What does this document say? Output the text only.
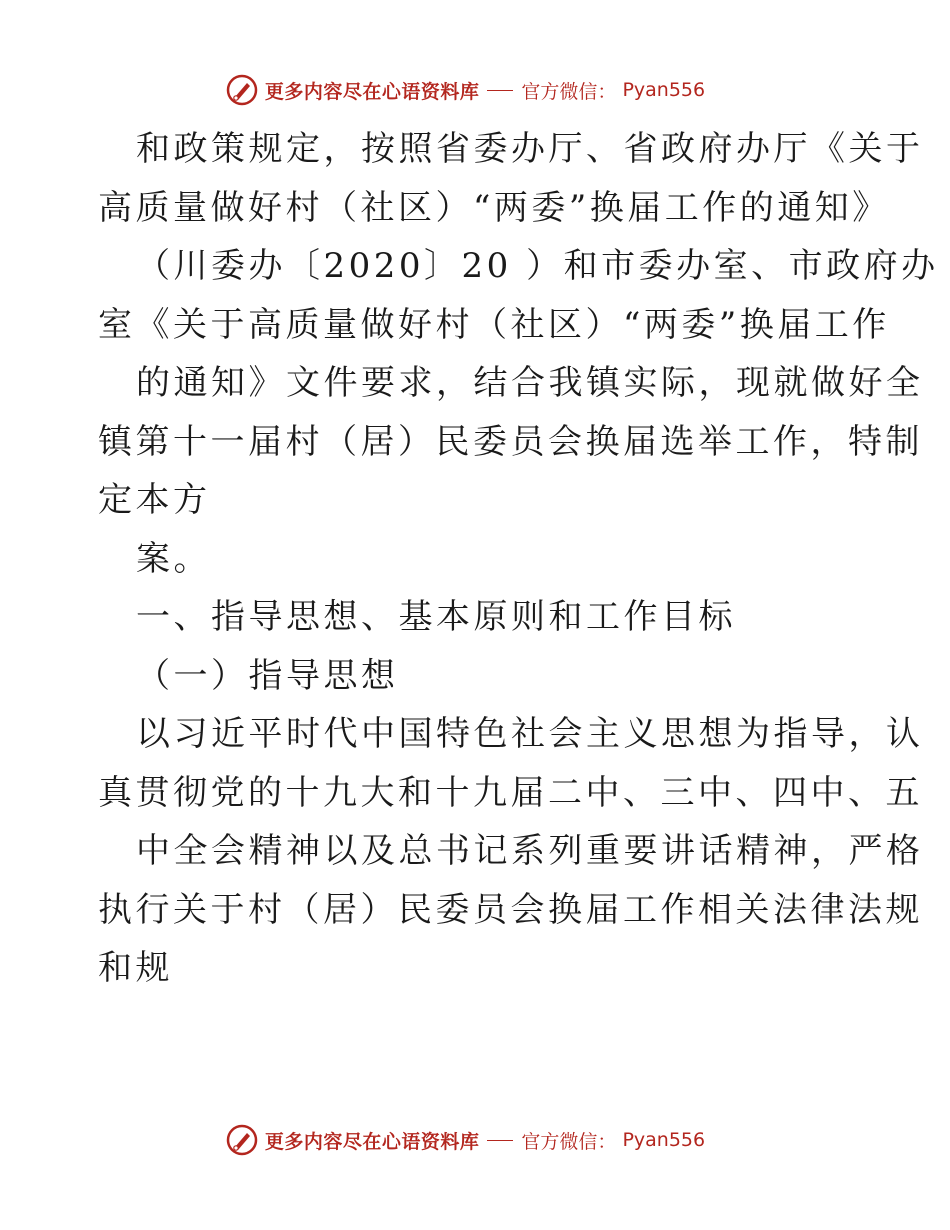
更多内容尽在心语资料库 官方微信： Pyan556
和政策规定，按照省委办厅、省政府办厅《关于
高质量做好村（社区）“两委”换届工作的通知》
（川委办〔2020〕20 ）和市委办室、市政府办
室《关于高质量做好村（社区）“两委”换届工作
的通知》文件要求，结合我镇实际，现就做好全
镇第十一届村（居）民委员会换届选举工作，特制
定本方
案。
一、指导思想、基本原则和工作目标
（一）指导思想
以习近平时代中国特色社会主义思想为指导，认
真贯彻党的十九大和十九届二中、三中、四中、五
中全会精神以及总书记系列重要讲话精神，严格
执行关于村（居）民委员会换届工作相关法律法规
和规
更多内容尽在心语资料库 官方微信： Pyan556
